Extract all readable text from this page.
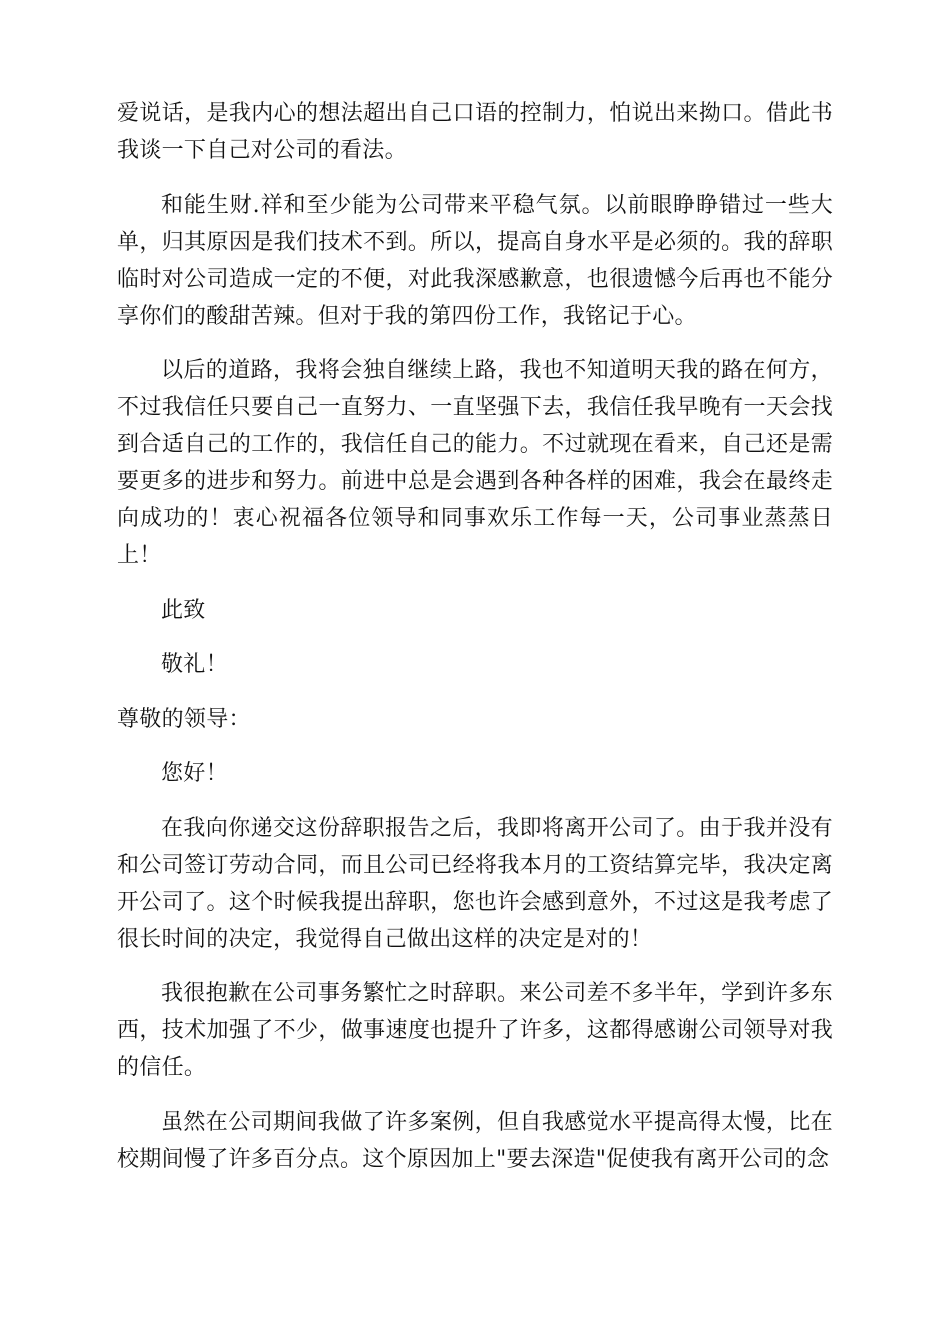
爱说话，是我内心的想法超出自己口语的控制力，怕说出来拗口。借此书我谈一下自己对公司的看法。

和能生财.祥和至少能为公司带来平稳气氛。以前眼睁睁错过一些大单，归其原因是我们技术不到。所以，提高自身水平是必须的。我的辞职临时对公司造成一定的不便，对此我深感歉意，也很遗憾今后再也不能分享你们的酸甜苦辣。但对于我的第四份工作，我铭记于心。

以后的道路，我将会独自继续上路，我也不知道明天我的路在何方，不过我信任只要自己一直努力、一直坚强下去，我信任我早晚有一天会找到合适自己的工作的，我信任自己的能力。不过就现在看来，自己还是需要更多的进步和努力。前进中总是会遇到各种各样的困难，我会在最终走向成功的！衷心祝福各位领导和同事欢乐工作每一天，公司事业蒸蒸日上！

此致

敬礼！

尊敬的领导：

您好！

在我向你递交这份辞职报告之后，我即将离开公司了。由于我并没有和公司签订劳动合同，而且公司已经将我本月的工资结算完毕，我决定离开公司了。这个时候我提出辞职，您也许会感到意外，不过这是我考虑了很长时间的决定，我觉得自己做出这样的决定是对的！

我很抱歉在公司事务繁忙之时辞职。来公司差不多半年，学到许多东西，技术加强了不少，做事速度也提升了许多，这都得感谢公司领导对我的信任。

虽然在公司期间我做了许多案例，但自我感觉水平提高得太慢，比在校期间慢了许多百分点。这个原因加上"要去深造"促使我有离开公司的念
